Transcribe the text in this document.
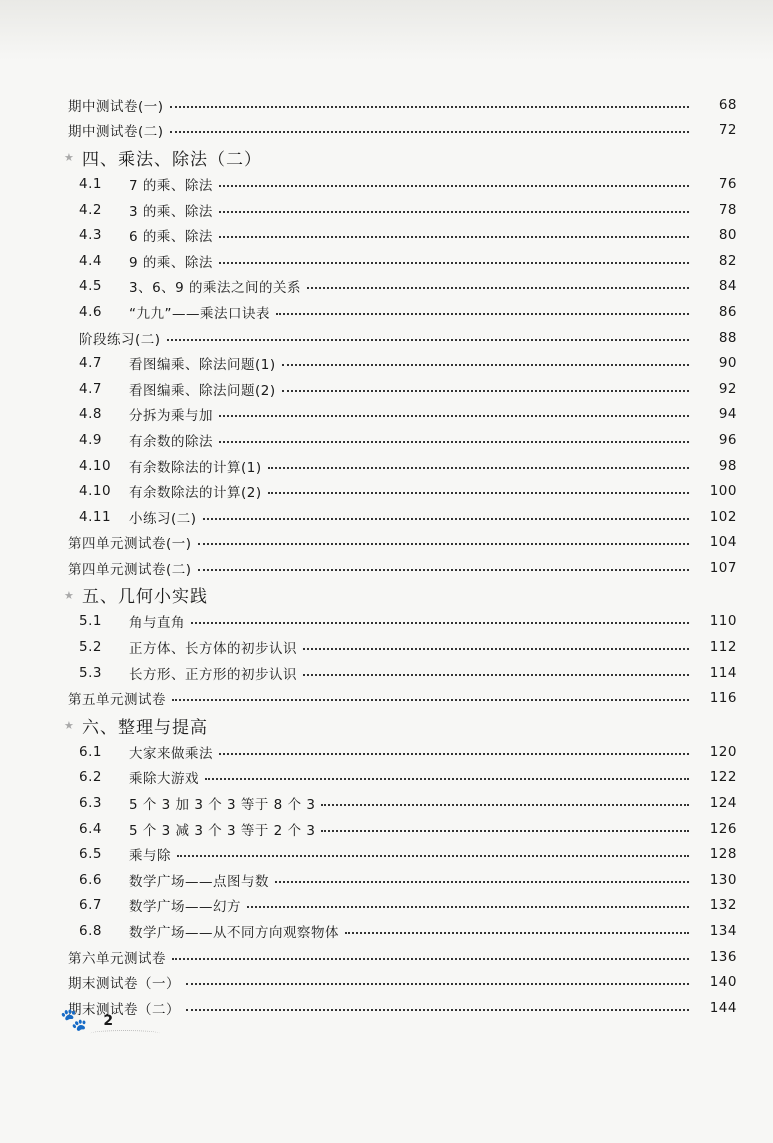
期中测试卷(一)	68
期中测试卷(二)	72
★ 四、乘法、除法（二）
4.1	7 的乘、除法	76
4.2	3 的乘、除法	78
4.3	6 的乘、除法	80
4.4	9 的乘、除法	82
4.5	3、6、9 的乘法之间的关系	84
4.6	“九九”——乘法口诀表	86
阶段练习(二)	88
4.7	看图编乘、除法问题(1)	90
4.7	看图编乘、除法问题(2)	92
4.8	分拆为乘与加	94
4.9	有余数的除法	96
4.10	有余数除法的计算(1)	98
4.10	有余数除法的计算(2)	100
4.11	小练习(二)	102
第四单元测试卷(一)	104
第四单元测试卷(二)	107
★ 五、几何小实践
5.1	角与直角	110
5.2	正方体、长方体的初步认识	112
5.3	长方形、正方形的初步认识	114
第五单元测试卷	116
★ 六、整理与提高
6.1	大家来做乘法	120
6.2	乘除大游戏	122
6.3	5 个 3 加 3 个 3 等于 8 个 3	124
6.4	5 个 3 减 3 个 3 等于 2 个 3	126
6.5	乘与除	128
6.6	数学广场——点图与数	130
6.7	数学广场——幻方	132
6.8	数学广场——从不同方向观察物体	134
第六单元测试卷	136
期末测试卷（一）	140
期末测试卷（二）	144
🐾 2
